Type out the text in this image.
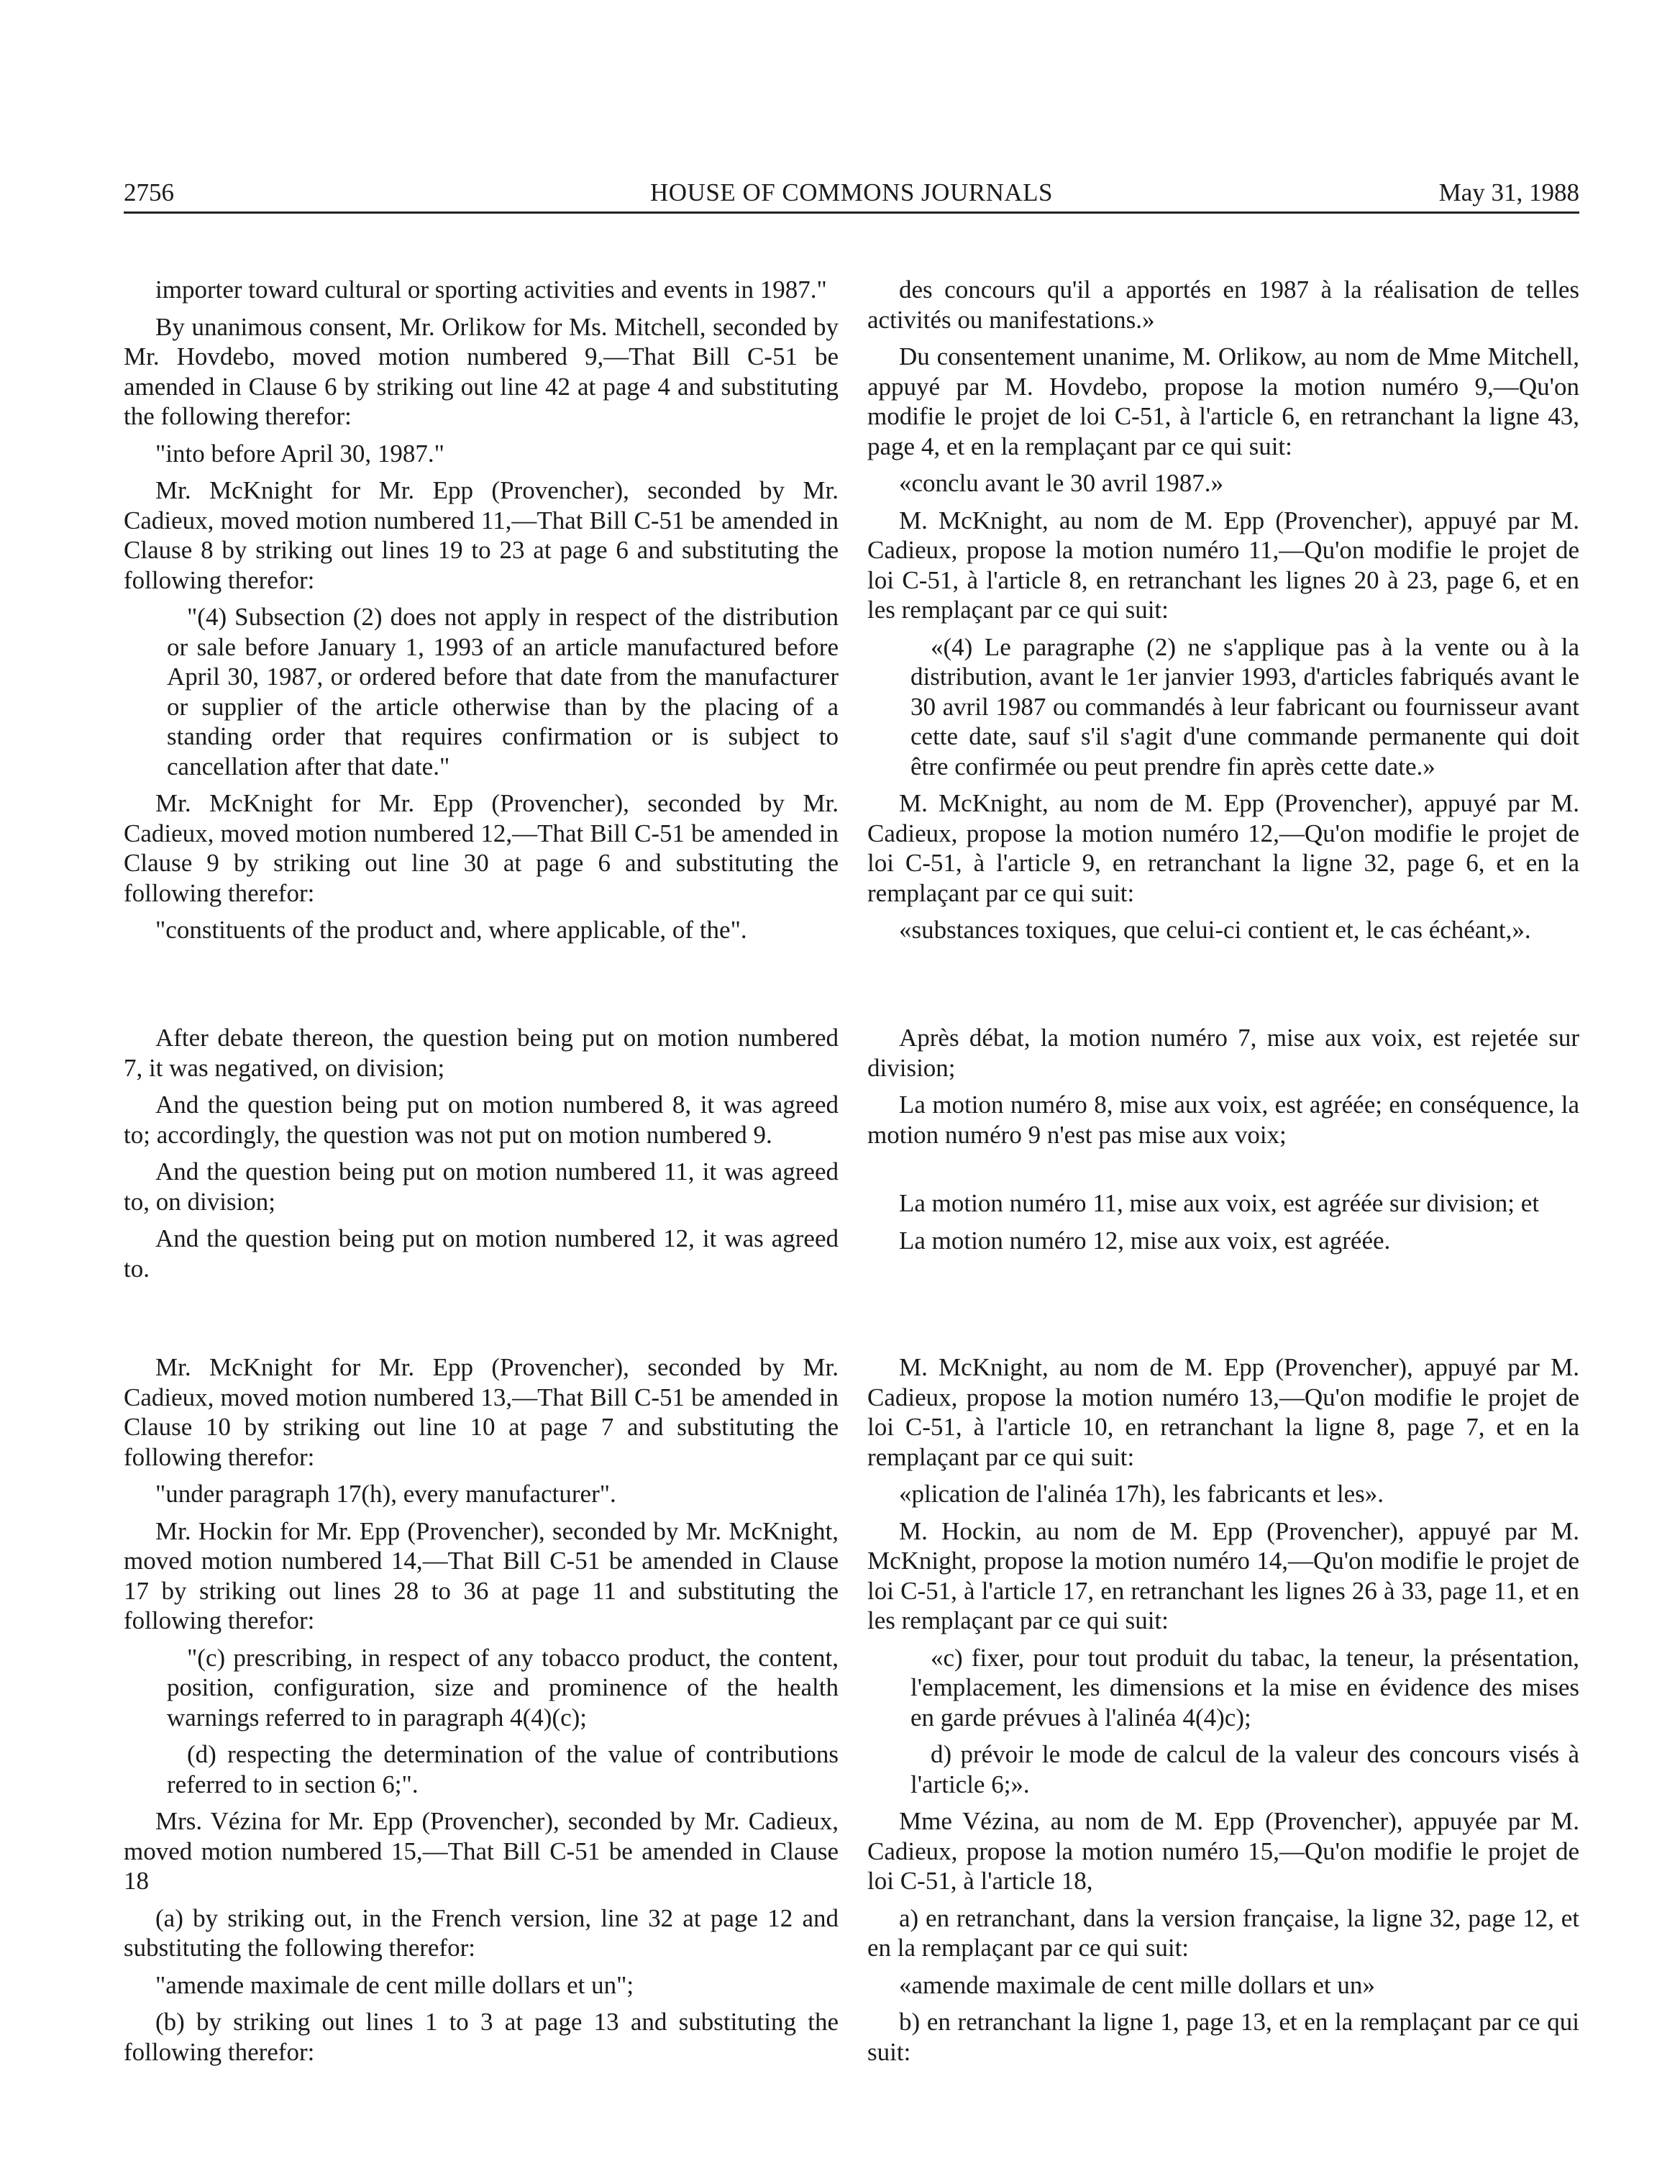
2756	HOUSE OF COMMONS JOURNALS	May 31, 1988

importer toward cultural or sporting activities and events in 1987."

By unanimous consent, Mr. Orlikow for Ms. Mitchell, seconded by Mr. Hovdebo, moved motion numbered 9,—That Bill C-51 be amended in Clause 6 by striking out line 42 at page 4 and substituting the following therefor:

"into before April 30, 1987."

Mr. McKnight for Mr. Epp (Provencher), seconded by Mr. Cadieux, moved motion numbered 11,—That Bill C-51 be amended in Clause 8 by striking out lines 19 to 23 at page 6 and substituting the following therefor:

"(4) Subsection (2) does not apply in respect of the distribution or sale before January 1, 1993 of an article manufactured before April 30, 1987, or ordered before that date from the manufacturer or supplier of the article otherwise than by the placing of a standing order that requires confirmation or is subject to cancellation after that date."

Mr. McKnight for Mr. Epp (Provencher), seconded by Mr. Cadieux, moved motion numbered 12,—That Bill C-51 be amended in Clause 9 by striking out line 30 at page 6 and substituting the following therefor:

"constituents of the product and, where applicable, of the".

After debate thereon, the question being put on motion numbered 7, it was negatived, on division;

And the question being put on motion numbered 8, it was agreed to; accordingly, the question was not put on motion numbered 9.

And the question being put on motion numbered 11, it was agreed to, on division;

And the question being put on motion numbered 12, it was agreed to.

Mr. McKnight for Mr. Epp (Provencher), seconded by Mr. Cadieux, moved motion numbered 13,—That Bill C-51 be amended in Clause 10 by striking out line 10 at page 7 and substituting the following therefor:

"under paragraph 17(h), every manufacturer".

Mr. Hockin for Mr. Epp (Provencher), seconded by Mr. McKnight, moved motion numbered 14,—That Bill C-51 be amended in Clause 17 by striking out lines 28 to 36 at page 11 and substituting the following therefor:

"(c) prescribing, in respect of any tobacco product, the content, position, configuration, size and prominence of the health warnings referred to in paragraph 4(4)(c);

(d) respecting the determination of the value of contributions referred to in section 6;".

Mrs. Vézina for Mr. Epp (Provencher), seconded by Mr. Cadieux, moved motion numbered 15,—That Bill C-51 be amended in Clause 18

(a) by striking out, in the French version, line 32 at page 12 and substituting the following therefor:

"amende maximale de cent mille dollars et un";

(b) by striking out lines 1 to 3 at page 13 and substituting the following therefor:

des concours qu'il a apportés en 1987 à la réalisation de telles activités ou manifestations.»

Du consentement unanime, M. Orlikow, au nom de Mme Mitchell, appuyé par M. Hovdebo, propose la motion numéro 9,—Qu'on modifie le projet de loi C-51, à l'article 6, en retranchant la ligne 43, page 4, et en la remplaçant par ce qui suit:

«conclu avant le 30 avril 1987.»

M. McKnight, au nom de M. Epp (Provencher), appuyé par M. Cadieux, propose la motion numéro 11,—Qu'on modifie le projet de loi C-51, à l'article 8, en retranchant les lignes 20 à 23, page 6, et en les remplaçant par ce qui suit:

«(4) Le paragraphe (2) ne s'applique pas à la vente ou à la distribution, avant le 1er janvier 1993, d'articles fabriqués avant le 30 avril 1987 ou commandés à leur fabricant ou fournisseur avant cette date, sauf s'il s'agit d'une commande permanente qui doit être confirmée ou peut prendre fin après cette date.»

M. McKnight, au nom de M. Epp (Provencher), appuyé par M. Cadieux, propose la motion numéro 12,—Qu'on modifie le projet de loi C-51, à l'article 9, en retranchant la ligne 32, page 6, et en la remplaçant par ce qui suit:

«substances toxiques, que celui-ci contient et, le cas échéant,».

Après débat, la motion numéro 7, mise aux voix, est rejetée sur division;

La motion numéro 8, mise aux voix, est agréée; en conséquence, la motion numéro 9 n'est pas mise aux voix;

La motion numéro 11, mise aux voix, est agréée sur division; et

La motion numéro 12, mise aux voix, est agréée.

M. McKnight, au nom de M. Epp (Provencher), appuyé par M. Cadieux, propose la motion numéro 13,—Qu'on modifie le projet de loi C-51, à l'article 10, en retranchant la ligne 8, page 7, et en la remplaçant par ce qui suit:

«plication de l'alinéa 17h), les fabricants et les».

M. Hockin, au nom de M. Epp (Provencher), appuyé par M. McKnight, propose la motion numéro 14,—Qu'on modifie le projet de loi C-51, à l'article 17, en retranchant les lignes 26 à 33, page 11, et en les remplaçant par ce qui suit:

«c) fixer, pour tout produit du tabac, la teneur, la présentation, l'emplacement, les dimensions et la mise en évidence des mises en garde prévues à l'alinéa 4(4)c);

d) prévoir le mode de calcul de la valeur des concours visés à l'article 6;».

Mme Vézina, au nom de M. Epp (Provencher), appuyée par M. Cadieux, propose la motion numéro 15,—Qu'on modifie le projet de loi C-51, à l'article 18,

a) en retranchant, dans la version française, la ligne 32, page 12, et en la remplaçant par ce qui suit:

«amende maximale de cent mille dollars et un»

b) en retranchant la ligne 1, page 13, et en la remplaçant par ce qui suit:
